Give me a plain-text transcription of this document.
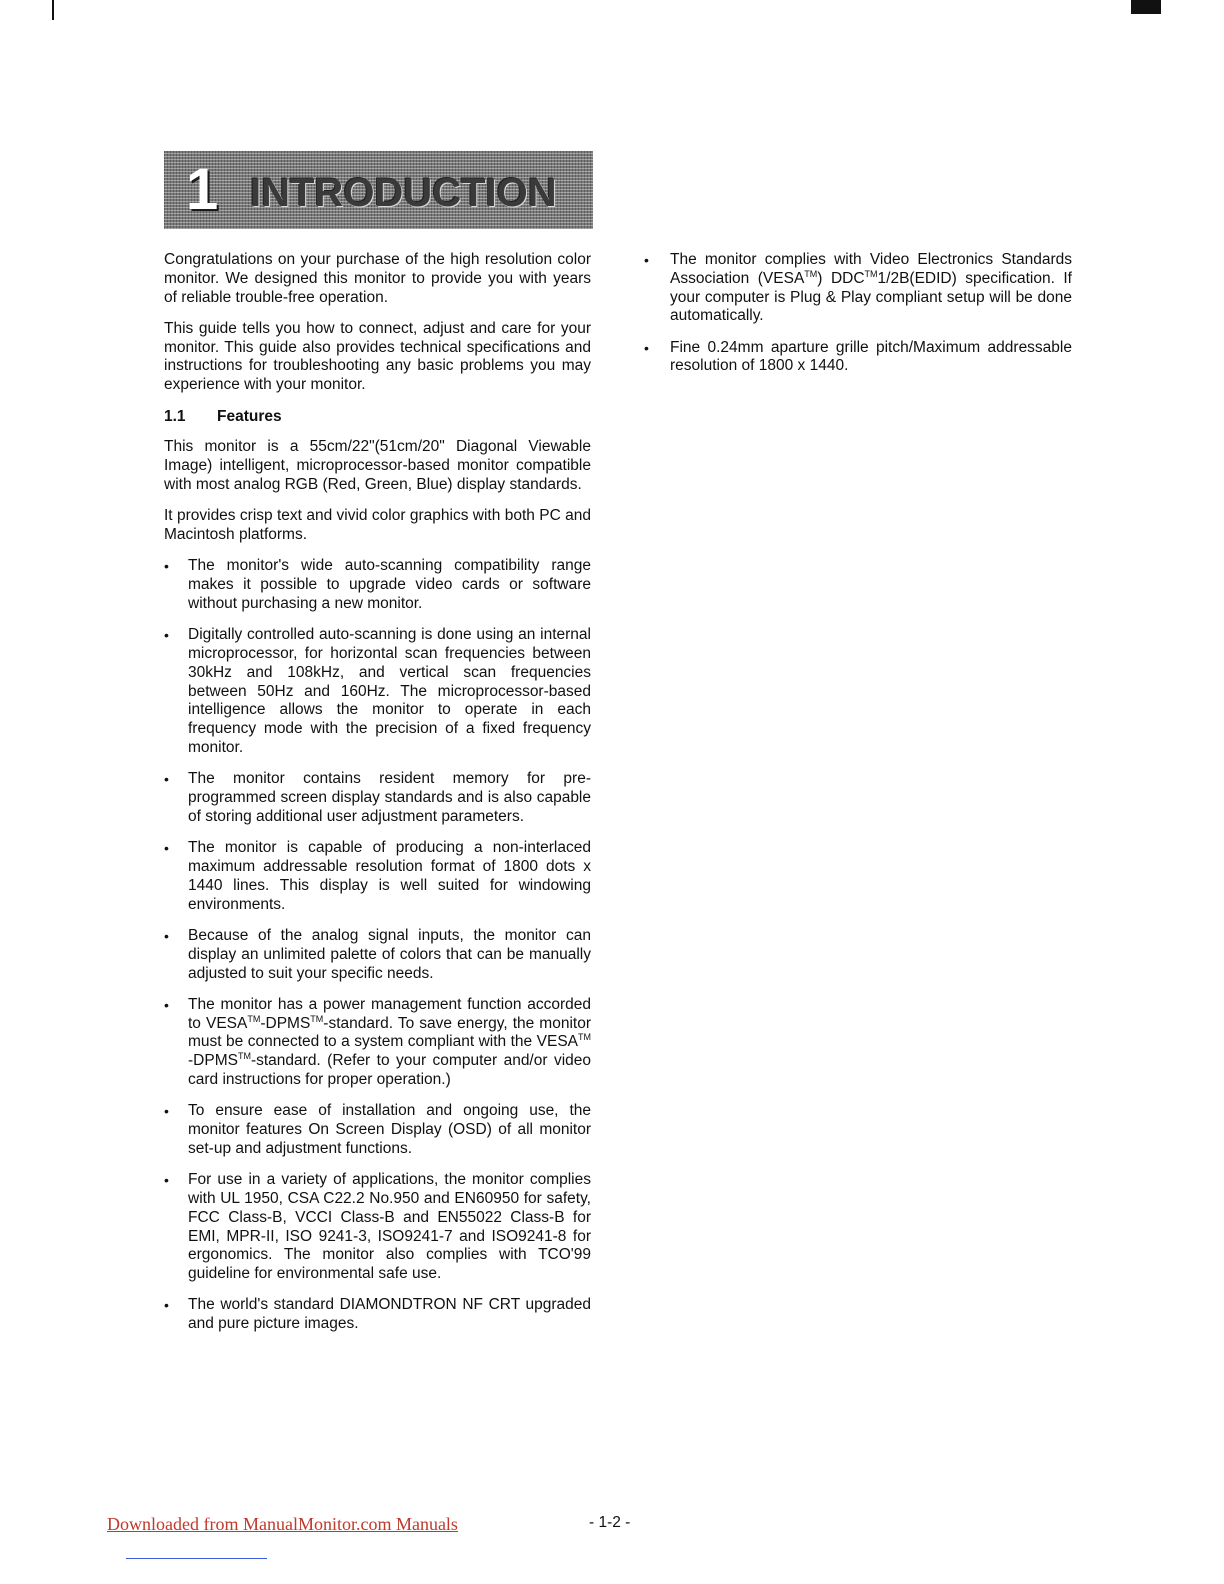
1 INTRODUCTION

Congratulations on your purchase of the high resolution color monitor. We designed this monitor to provide you with years of reliable trouble-free operation.

This guide tells you how to connect, adjust and care for your monitor. This guide also provides technical specifications and instructions for troubleshooting any basic problems you may experience with your monitor.

1.1 Features

This monitor is a 55cm/22"(51cm/20" Diagonal Viewable Image) intelligent, microprocessor-based monitor compatible with most analog RGB (Red, Green, Blue) display standards.

It provides crisp text and vivid color graphics with both PC and Macintosh platforms.

• The monitor's wide auto-scanning compatibility range makes it possible to upgrade video cards or software without purchasing a new monitor.
• Digitally controlled auto-scanning is done using an internal microprocessor, for horizontal scan frequencies between 30kHz and 108kHz, and vertical scan frequencies between 50Hz and 160Hz. The microprocessor-based intelligence allows the monitor to operate in each frequency mode with the precision of a fixed frequency monitor.
• The monitor contains resident memory for pre-programmed screen display standards and is also capable of storing additional user adjustment parameters.
• The monitor is capable of producing a non-interlaced maximum addressable resolution format of 1800 dots x 1440 lines. This display is well suited for windowing environments.
• Because of the analog signal inputs, the monitor can display an unlimited palette of colors that can be manually adjusted to suit your specific needs.
• The monitor has a power management function accorded to VESA™-DPMS™-standard. To save energy, the monitor must be connected to a system compliant with the VESA™ -DPMS™-standard. (Refer to your computer and/or video card instructions for proper operation.)
• To ensure ease of installation and ongoing use, the monitor features On Screen Display (OSD) of all monitor set-up and adjustment functions.
• For use in a variety of applications, the monitor complies with UL 1950, CSA C22.2 No.950 and EN60950 for safety, FCC Class-B, VCCI Class-B and EN55022 Class-B for EMI, MPR-II, ISO 9241-3, ISO9241-7 and ISO9241-8 for ergonomics. The monitor also complies with TCO'99 guideline for environmental safe use.
• The world's standard DIAMONDTRON NF CRT upgraded and pure picture images.
• The monitor complies with Video Electronics Standards Association (VESA™) DDC™1/2B(EDID) specification. If your computer is Plug & Play compliant setup will be done automatically.
• Fine 0.24mm aparture grille pitch/Maximum addressable resolution of 1800 x 1440.
Downloaded from ManualMonitor.com Manuals	- 1-2 -
